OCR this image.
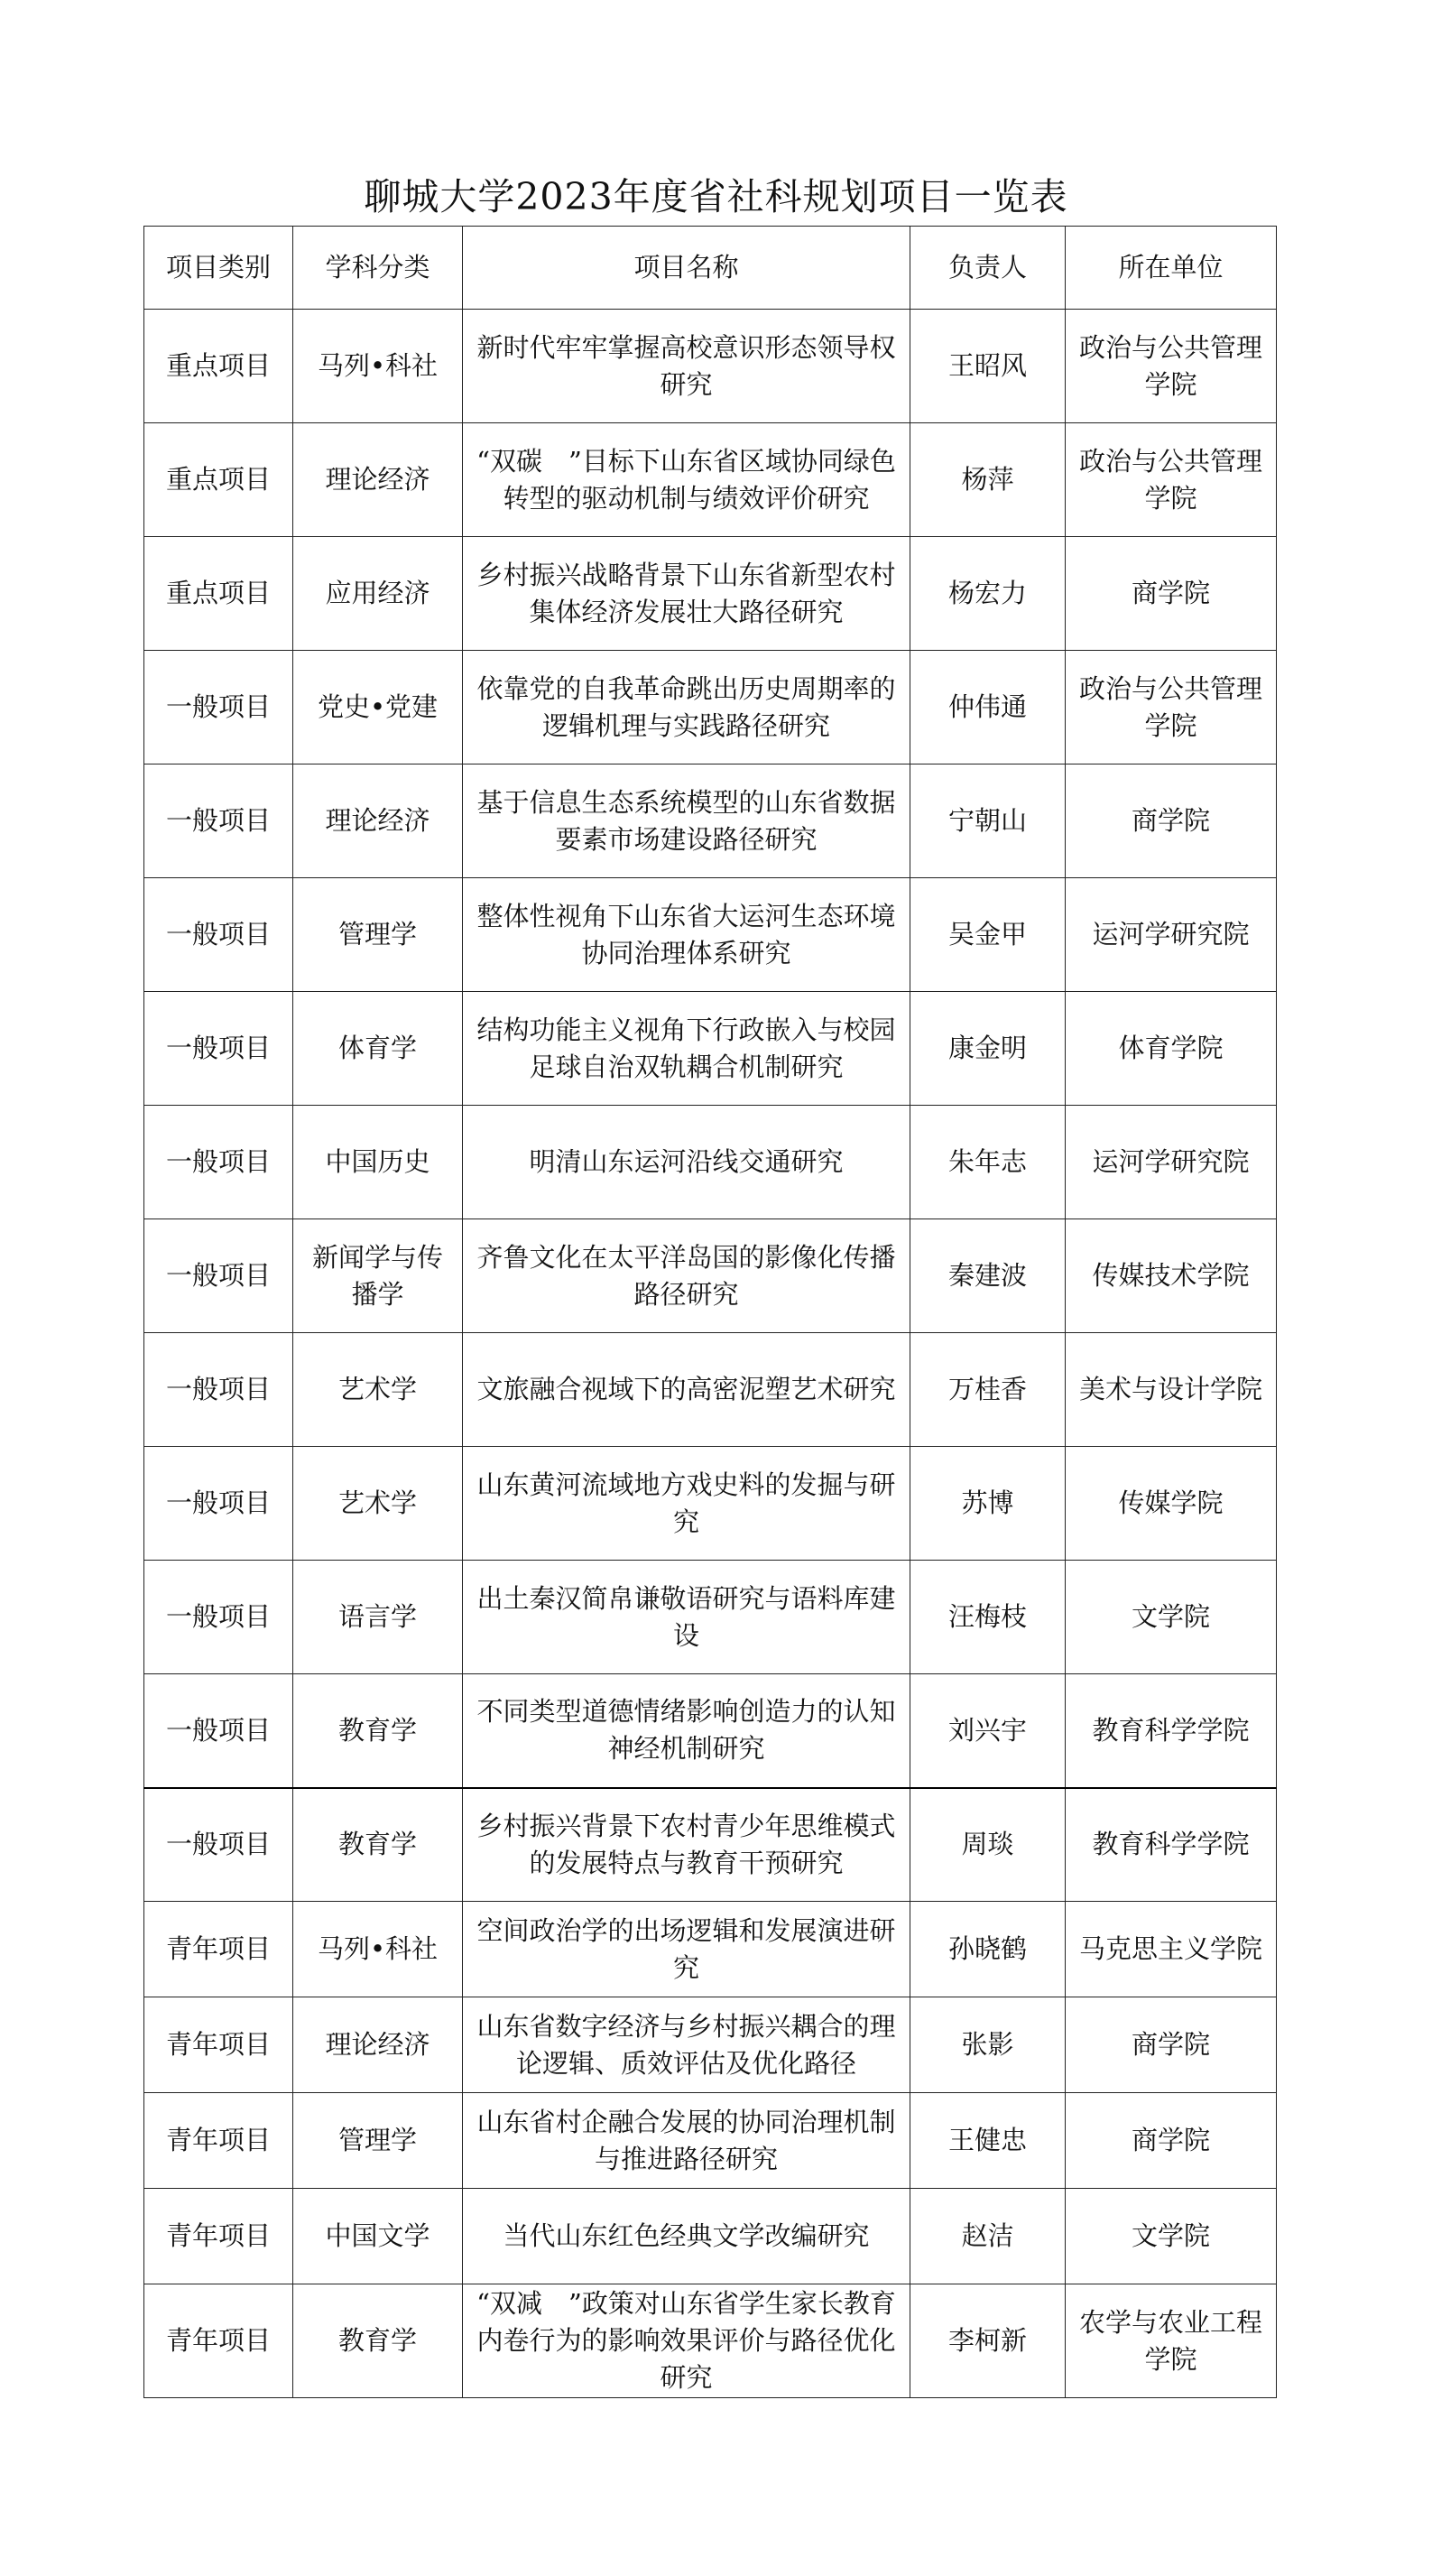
聊城大学2023年度省社科规划项目一览表
项目类别	学科分类	项目名称	负责人	所在单位
重点项目	马列•科社	新时代牢牢掌握高校意识形态领导权研究	王昭风	政治与公共管理学院
重点项目	理论经济	“双碳　”目标下山东省区域协同绿色转型的驱动机制与绩效评价研究	杨萍	政治与公共管理学院
重点项目	应用经济	乡村振兴战略背景下山东省新型农村集体经济发展壮大路径研究	杨宏力	商学院
一般项目	党史•党建	依靠党的自我革命跳出历史周期率的逻辑机理与实践路径研究	仲伟通	政治与公共管理学院
一般项目	理论经济	基于信息生态系统模型的山东省数据要素市场建设路径研究	宁朝山	商学院
一般项目	管理学	整体性视角下山东省大运河生态环境协同治理体系研究	吴金甲	运河学研究院
一般项目	体育学	结构功能主义视角下行政嵌入与校园足球自治双轨耦合机制研究	康金明	体育学院
一般项目	中国历史	明清山东运河沿线交通研究	朱年志	运河学研究院
一般项目	新闻学与传播学	齐鲁文化在太平洋岛国的影像化传播路径研究	秦建波	传媒技术学院
一般项目	艺术学	文旅融合视域下的高密泥塑艺术研究	万桂香	美术与设计学院
一般项目	艺术学	山东黄河流域地方戏史料的发掘与研究	苏博	传媒学院
一般项目	语言学	出土秦汉简帛谦敬语研究与语料库建设	汪梅枝	文学院
一般项目	教育学	不同类型道德情绪影响创造力的认知神经机制研究	刘兴宇	教育科学学院
一般项目	教育学	乡村振兴背景下农村青少年思维模式的发展特点与教育干预研究	周琰	教育科学学院
青年项目	马列•科社	空间政治学的出场逻辑和发展演进研究	孙晓鹤	马克思主义学院
青年项目	理论经济	山东省数字经济与乡村振兴耦合的理论逻辑、质效评估及优化路径	张影	商学院
青年项目	管理学	山东省村企融合发展的协同治理机制与推进路径研究	王健忠	商学院
青年项目	中国文学	当代山东红色经典文学改编研究	赵洁	文学院
青年项目	教育学	“双减　”政策对山东省学生家长教育内卷行为的影响效果评价与路径优化研究	李柯新	农学与农业工程学院
